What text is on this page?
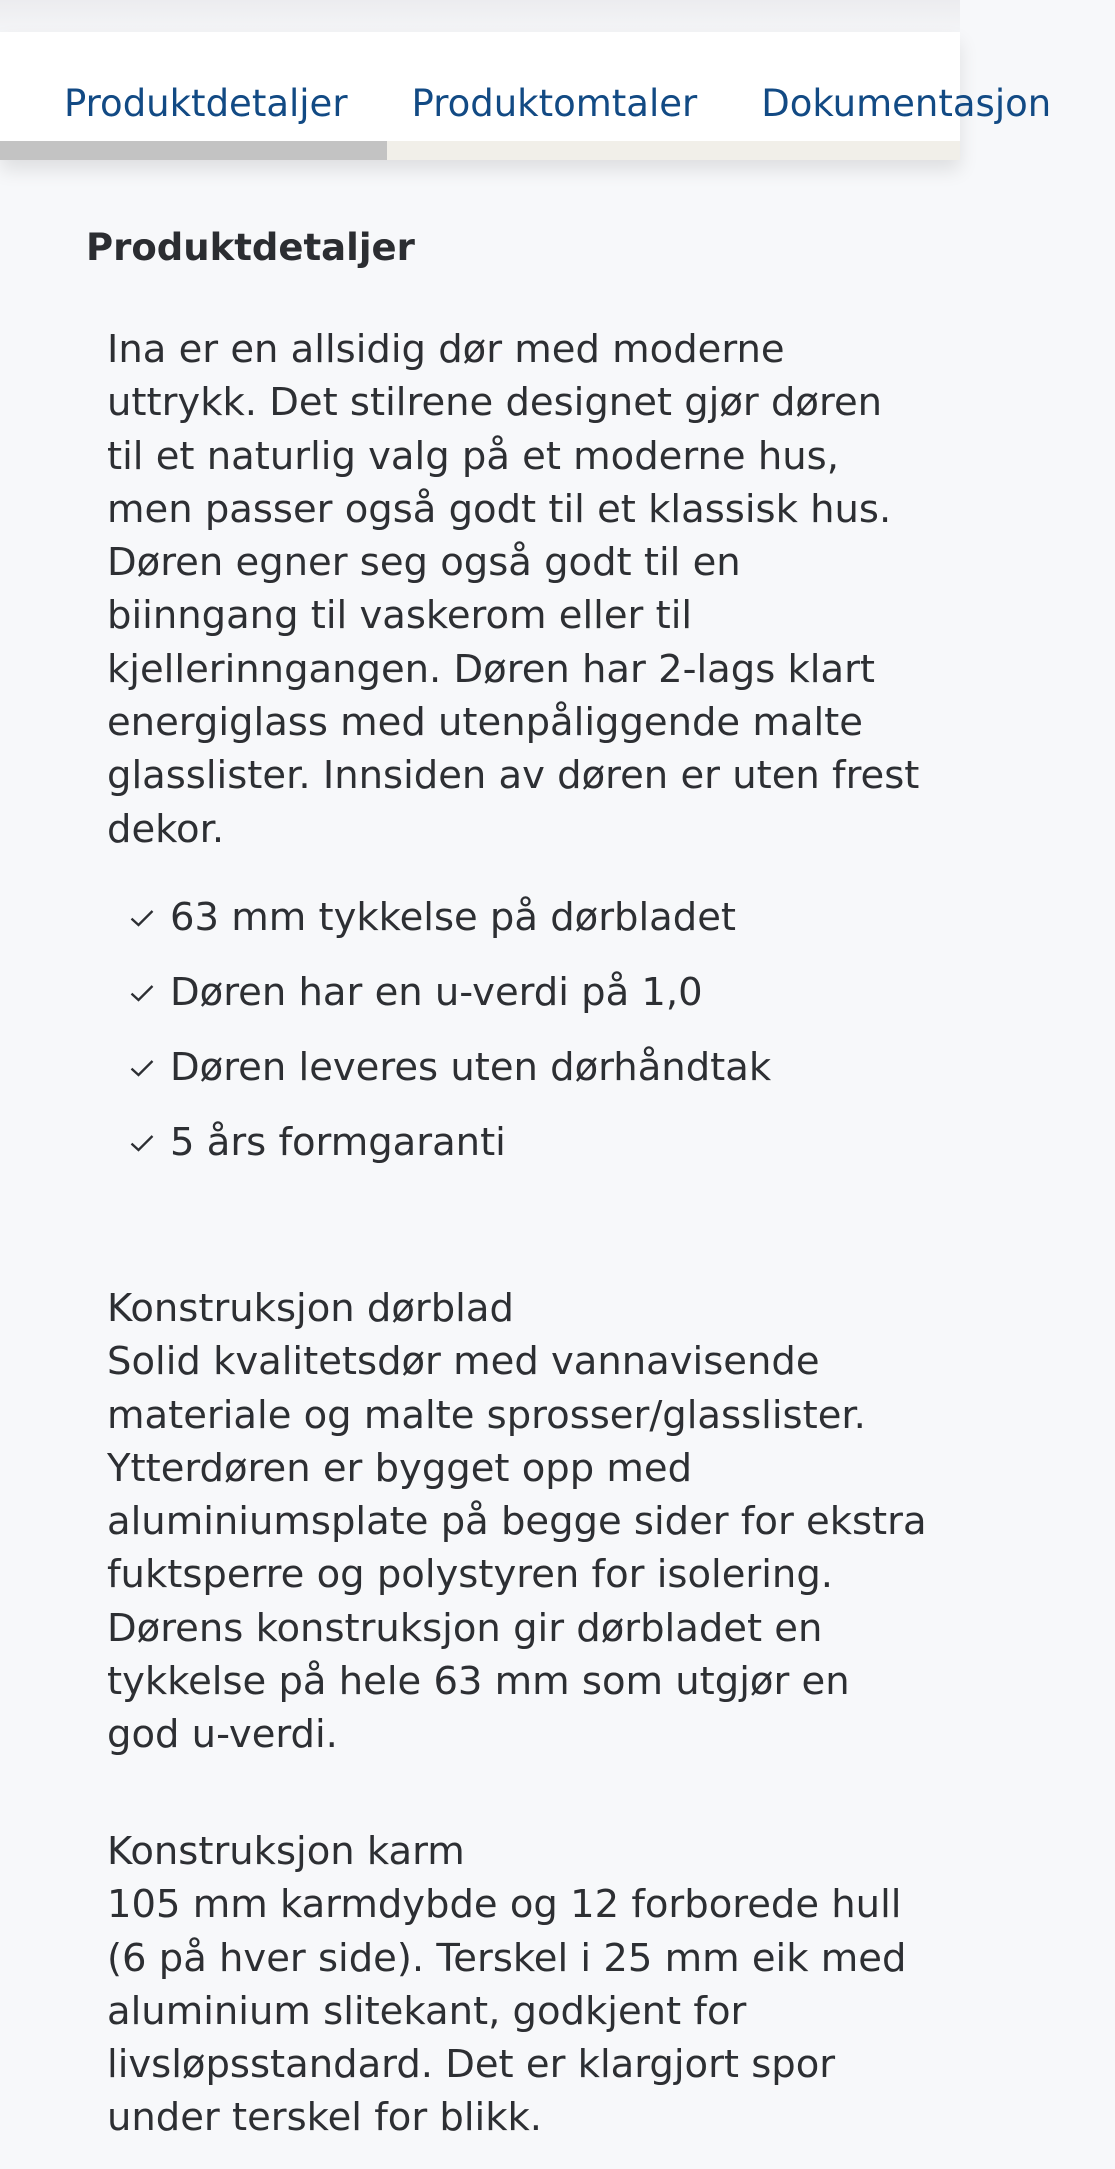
Produktdetaljer Produktomtaler Dokumentasjon
Produktdetaljer

Ina er en allsidig dør med moderne uttrykk. Det stilrene designet gjør døren til et naturlig valg på et moderne hus, men passer også godt til et klassisk hus. Døren egner seg også godt til en biinngang til vaskerom eller til kjellerinngangen. Døren har 2-lags klart energiglass med utenpåliggende malte glasslister. Innsiden av døren er uten frest dekor.

63 mm tykkelse på dørbladet
Døren har en u-verdi på 1,0
Døren leveres uten dørhåndtak
5 års formgaranti
Konstruksjon dørblad
Solid kvalitetsdør med vannavisende materiale og malte sprosser/glasslister. Ytterdøren er bygget opp med aluminiumsplate på begge sider for ekstra fuktsperre og polystyren for isolering. Dørens konstruksjon gir dørbladet en tykkelse på hele 63 mm som utgjør en god u-verdi.
Konstruksjon karm
105 mm karmdybde og 12 forborede hull (6 på hver side). Terskel i 25 mm eik med aluminium slitekant, godkjent for livsløpsstandard. Det er klargjort spor under terskel for blikk.
